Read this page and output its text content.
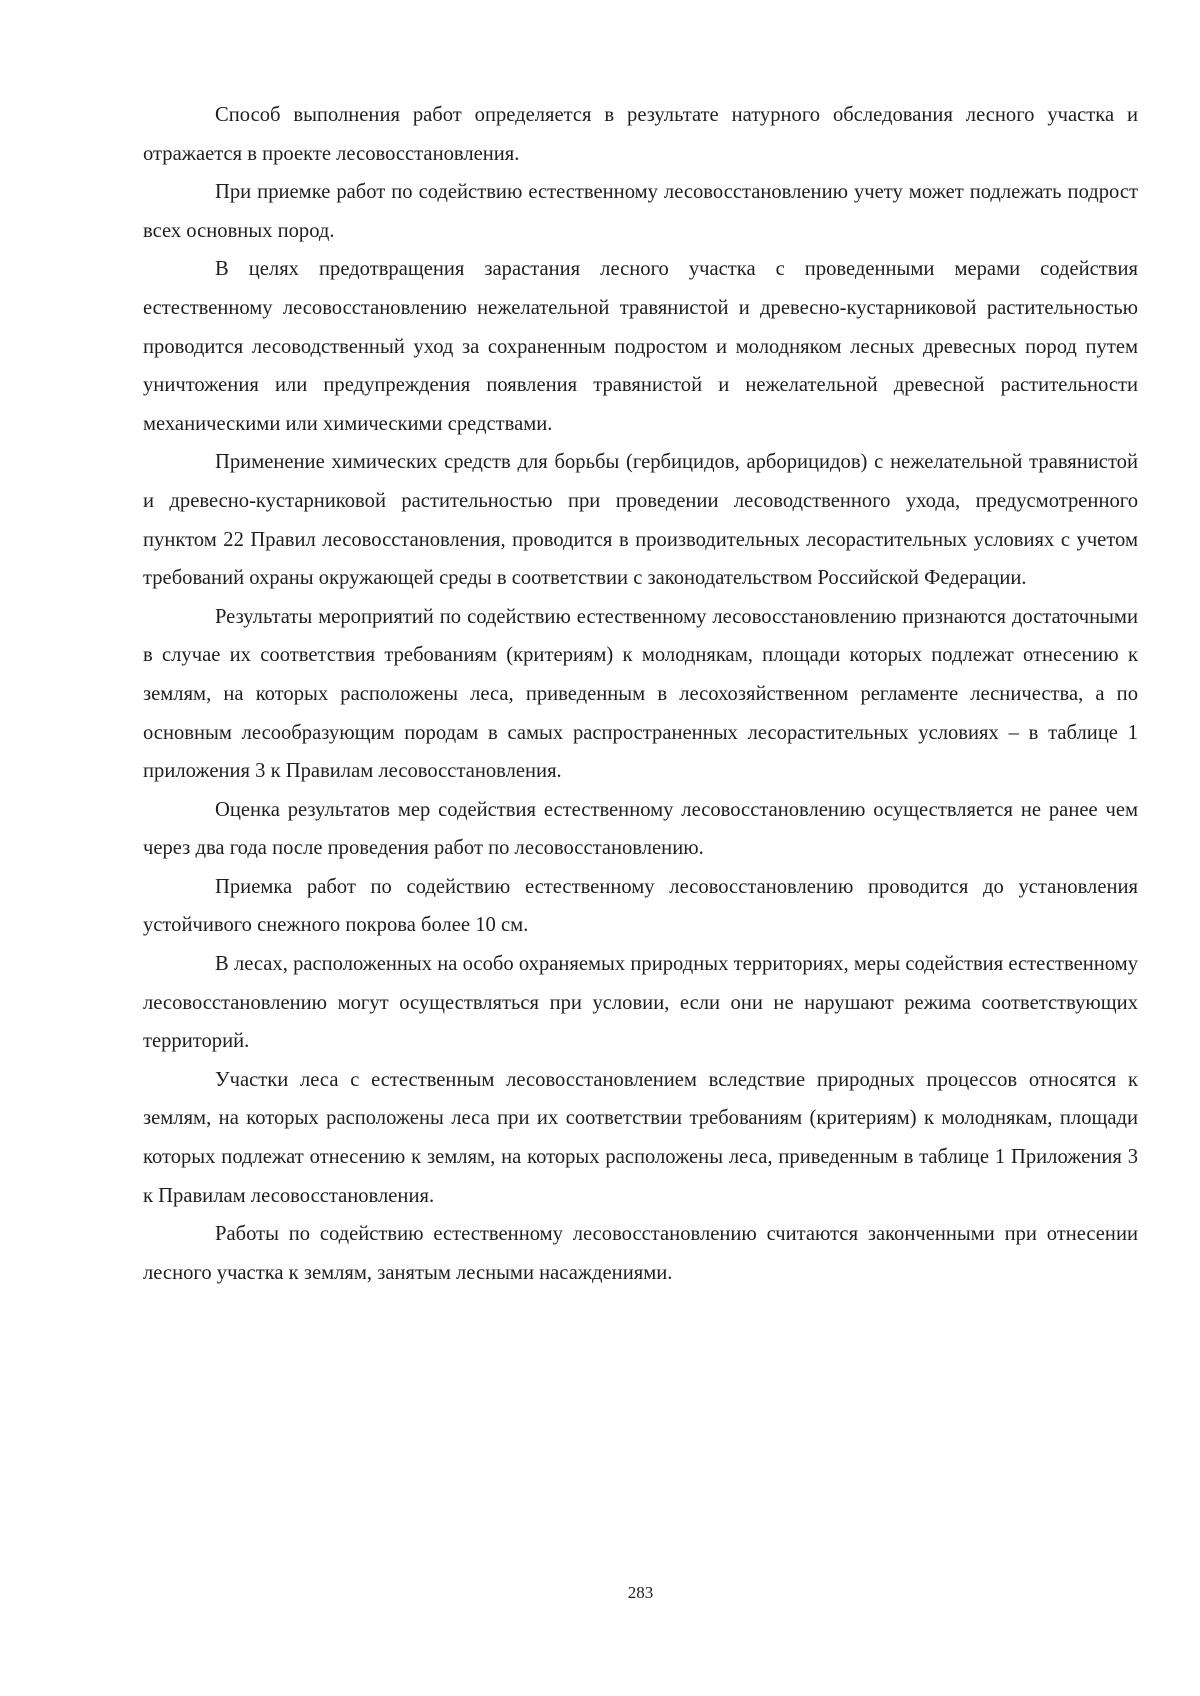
Способ выполнения работ определяется в результате натурного обследования лесного участка и отражается в проекте лесовосстановления.

При приемке работ по содействию естественному лесовосстановлению учету может подлежать подрост всех основных пород.

В целях предотвращения зарастания лесного участка с проведенными мерами содействия естественному лесовосстановлению нежелательной травянистой и древесно-кустарниковой растительностью проводится лесоводственный уход за сохраненным подростом и молодняком лесных древесных пород путем уничтожения или предупреждения появления травянистой и нежелательной древесной растительности механическими или химическими средствами.

Применение химических средств для борьбы (гербицидов, арборицидов) с нежелательной травянистой и древесно-кустарниковой растительностью при проведении лесоводственного ухода, предусмотренного пунктом 22 Правил лесовосстановления, проводится в производительных лесорастительных условиях с учетом требований охраны окружающей среды в соответствии с законодательством Российской Федерации.

Результаты мероприятий по содействию естественному лесовосстановлению признаются достаточными в случае их соответствия требованиям (критериям) к молоднякам, площади которых подлежат отнесению к землям, на которых расположены леса, приведенным в лесохозяйственном регламенте лесничества, а по основным лесообразующим породам в самых распространенных лесорастительных условиях – в таблице 1 приложения 3 к Правилам лесовосстановления.

Оценка результатов мер содействия естественному лесовосстановлению осуществляется не ранее чем через два года после проведения работ по лесовосстановлению.

Приемка работ по содействию естественному лесовосстановлению проводится до установления устойчивого снежного покрова более 10 см.

В лесах, расположенных на особо охраняемых природных территориях, меры содействия естественному лесовосстановлению могут осуществляться при условии, если они не нарушают режима соответствующих территорий.

Участки леса с естественным лесовосстановлением вследствие природных процессов относятся к землям, на которых расположены леса при их соответствии требованиям (критериям) к молоднякам, площади которых подлежат отнесению к землям, на которых расположены леса, приведенным в таблице 1 Приложения 3 к Правилам лесовосстановления.

Работы по содействию естественному лесовосстановлению считаются законченными при отнесении лесного участка к землям, занятым лесными насаждениями.

283
